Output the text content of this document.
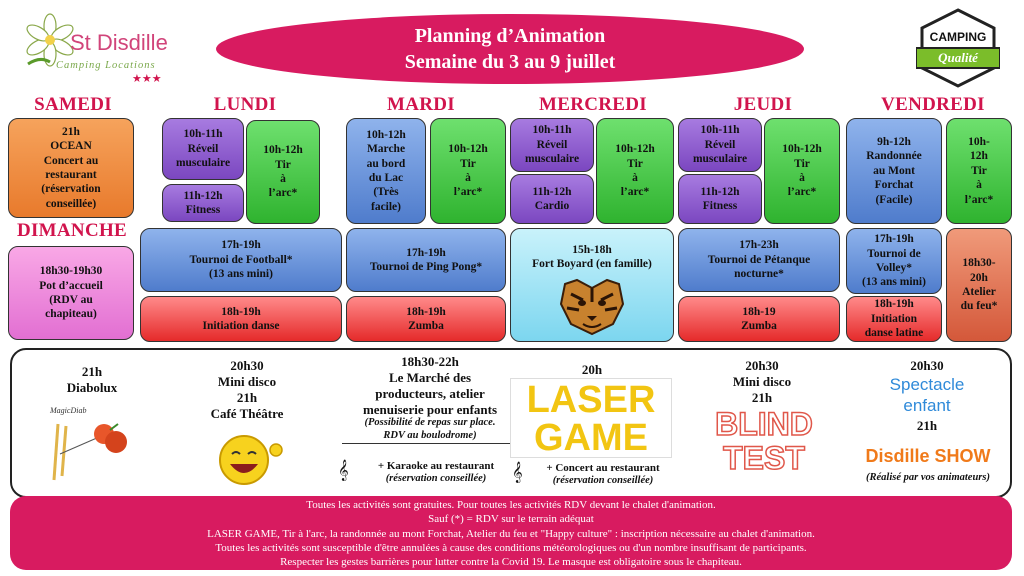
St Disdille
Camping Locations
★★★
Planning d’Animation
Semaine du 3 au 9 juillet
CAMPING
Qualité
SAMEDI	LUNDI	MARDI	MERCREDI	JEUDI	VENDREDI
DIMANCHE
21h
OCEAN
Concert au
restaurant
(réservation
conseillée)
18h30-19h30
Pot d’accueil
(RDV au
chapiteau)
10h-11h
Réveil
musculaire
11h-12h
Fitness
10h-12h
Tir
à
l’arc*
17h-19h
Tournoi de Football*
(13 ans mini)
18h-19h
Initiation danse
10h-12h
Marche
au bord
du Lac
(Très
facile)
10h-12h
Tir
à
l’arc*
17h-19h
Tournoi de Ping Pong*
18h-19h
Zumba
10h-11h
Réveil
musculaire
11h-12h
Cardio
10h-12h
Tir
à
l’arc*
15h-18h
Fort Boyard (en famille)
10h-11h
Réveil
musculaire
11h-12h
Fitness
10h-12h
Tir
à
l’arc*
17h-23h
Tournoi de Pétanque
nocturne*
18h-19
Zumba
9h-12h
Randonnée
au Mont
Forchat
(Facile)
10h-
12h
Tir
à
l’arc*
17h-19h
Tournoi de
Volley*
(13 ans mini)
18h-19h
Initiation
danse latine
18h30-
20h
Atelier
du feu*
21h
Diabolux
MagicDiab
20h30
Mini disco
21h
Café Théâtre
18h30-22h
Le Marché des
producteurs, atelier
menuiserie pour enfants
(Possibilité de repas sur place.
RDV au boulodrome)
𝄞	+ Karaoke au restaurant
(réservation conseillée)
20h
LASER
GAME
𝄞	+ Concert au restaurant
(réservation conseillée)
20h30
Mini disco
21h
BLIND
TEST
20h30
Spectacle
enfant
21h
Disdille SHOW
(Réalisé par vos animateurs)
Toutes les activités sont gratuites. Pour toutes les activités RDV devant le chalet d'animation.
Sauf (*) = RDV sur le terrain adéquat
LASER GAME, Tir à l'arc, la randonnée au mont Forchat, Atelier du feu et "Happy culture" : inscription nécessaire au chalet d'animation.
Toutes les activités sont susceptible d'être annulées à cause des conditions météorologiques ou d'un nombre insuffisant de participants.
Respecter les gestes barrières pour lutter contre la Covid 19. Le masque est obligatoire sous le chapiteau.
